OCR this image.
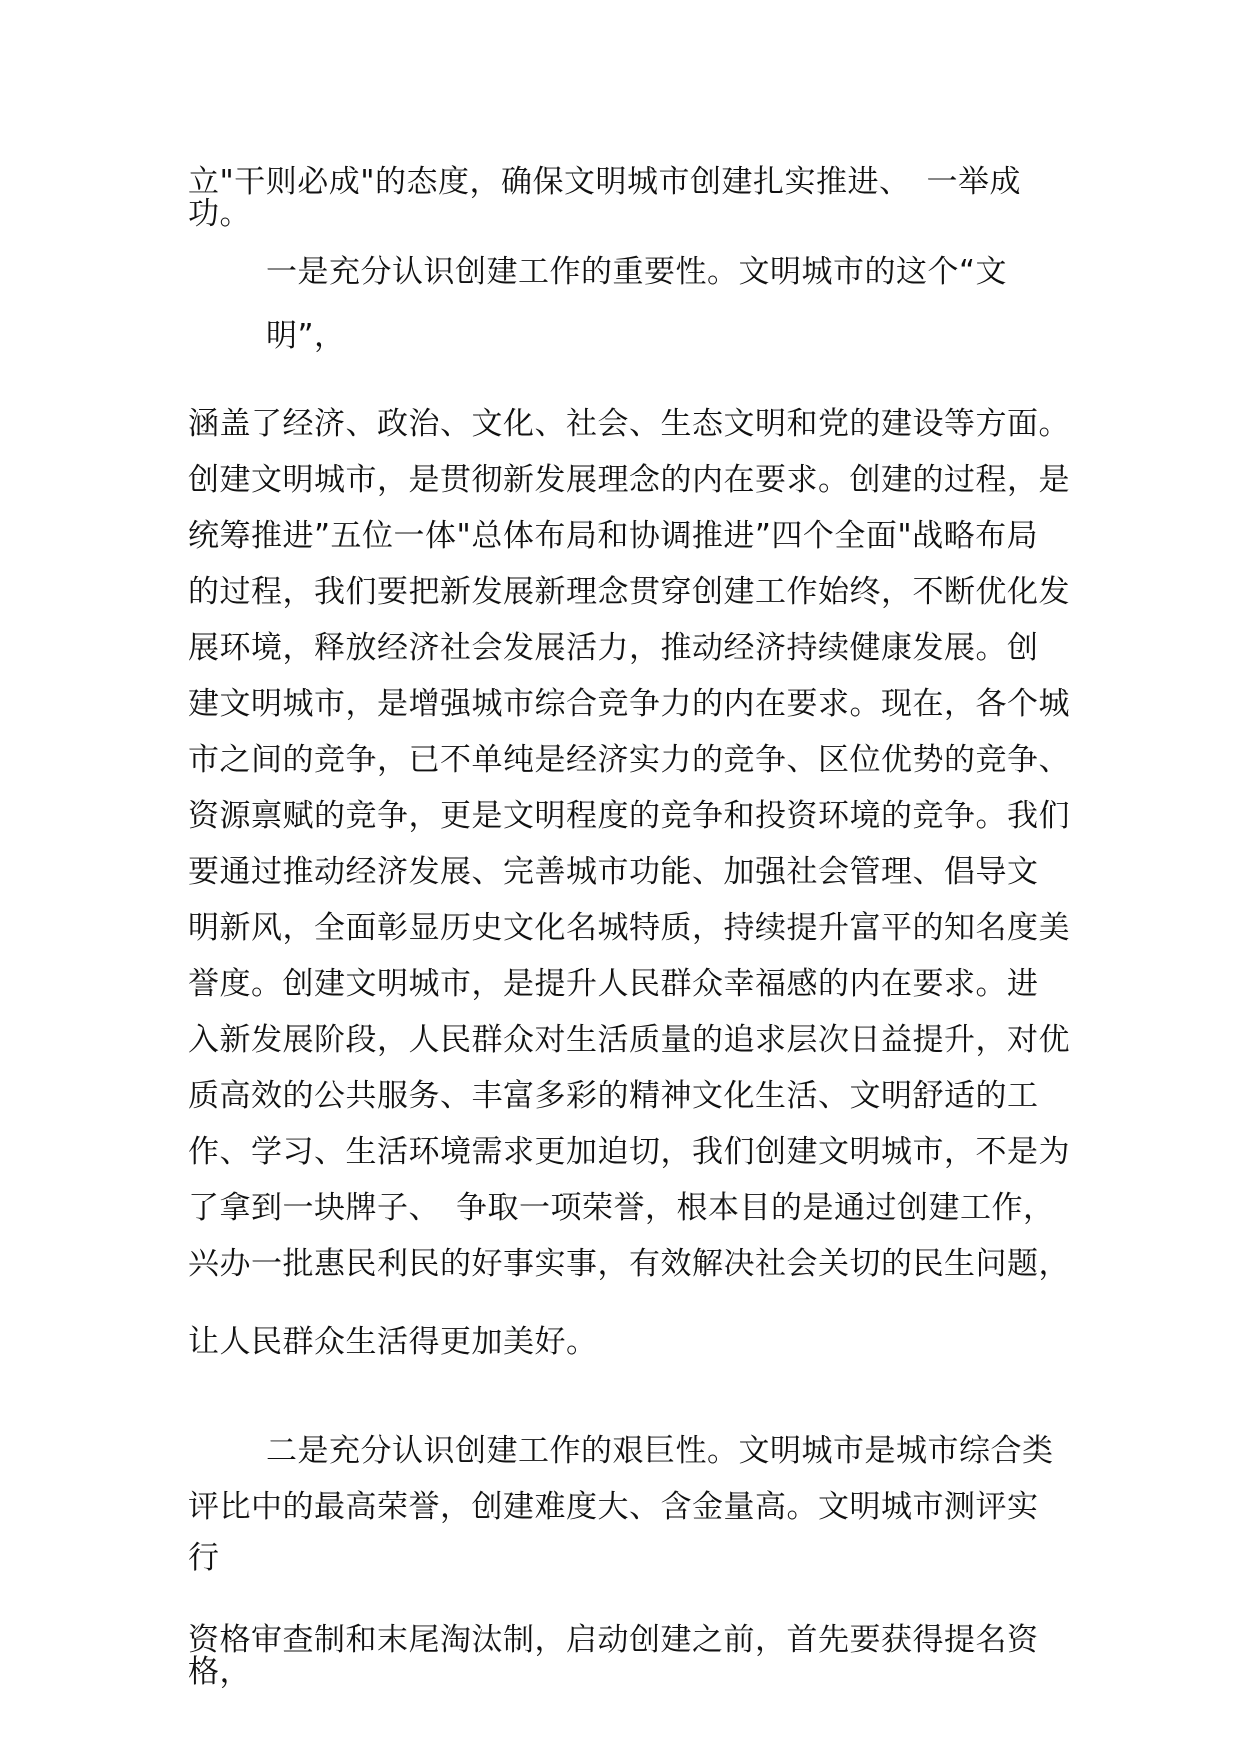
立"干则必成"的态度，确保文明城市创建扎实推进、　一举成
功。
一是充分认识创建工作的重要性。文明城市的这个“文
明”，
涵盖了经济、政治、文化、社会、生态文明和党的建设等方面。
创建文明城市，是贯彻新发展理念的内在要求。创建的过程，是
统筹推进”五位一体"总体布局和协调推进”四个全面"战略布局
的过程，我们要把新发展新理念贯穿创建工作始终，不断优化发
展环境，释放经济社会发展活力，推动经济持续健康发展。创
建文明城市，是增强城市综合竞争力的内在要求。现在，各个城
市之间的竞争，已不单纯是经济实力的竞争、区位优势的竞争、
资源禀赋的竞争，更是文明程度的竞争和投资环境的竞争。我们
要通过推动经济发展、完善城市功能、加强社会管理、倡导文
明新风，全面彰显历史文化名城特质，持续提升富平的知名度美
誉度。创建文明城市，是提升人民群众幸福感的内在要求。进
入新发展阶段，人民群众对生活质量的追求层次日益提升，对优
质高效的公共服务、丰富多彩的精神文化生活、文明舒适的工
作、学习、生活环境需求更加迫切，我们创建文明城市，不是为
了拿到一块牌子、　争取一项荣誉，根本目的是通过创建工作，
兴办一批惠民利民的好事实事，有效解决社会关切的民生问题，
让人民群众生活得更加美好。
二是充分认识创建工作的艰巨性。文明城市是城市综合类
评比中的最高荣誉，创建难度大、含金量高。文明城市测评实
行
资格审查制和末尾淘汰制，启动创建之前，首先要获得提名资
格，
